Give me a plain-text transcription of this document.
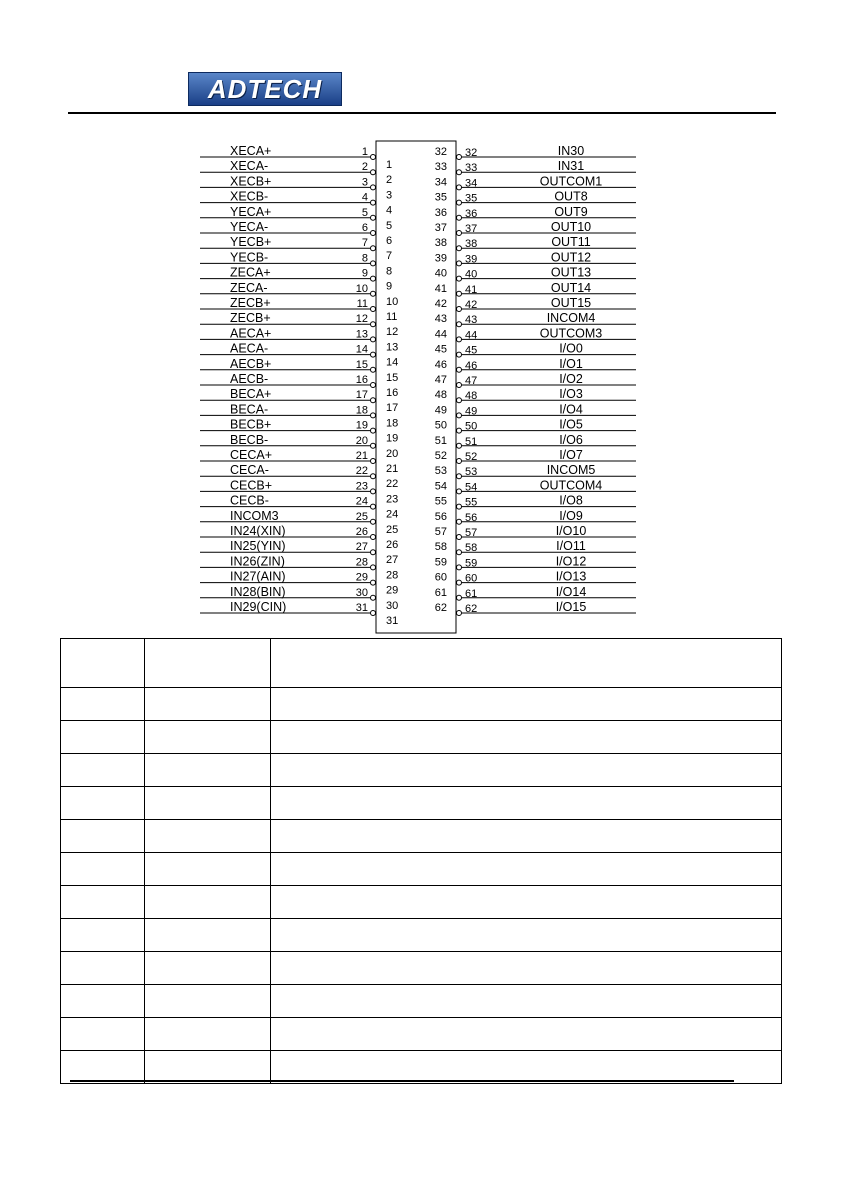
ADTECH
XECA+	1
1
XECA-	2
2
XECB+	3
3
XECB-	4
4
YECA+	5
5
YECA-	6
6
YECB+	7
7
YECB-	8
8
ZECA+	9
9
ZECA-	10
10
ZECB+	11
11
ZECB+	12
12
AECA+	13
13
AECA-	14
14
AECB+	15
15
AECB-	16
16
BECA+	17
17
BECA-	18
18
BECB+	19
19
BECB-	20
20
CECA+	21
21
CECA-	22
22
CECB+	23
23
CECB-	24
24
INCOM3	25
25
IN24(XIN)	26
26
IN25(YIN)	27
27
IN26(ZIN)	28
28
IN27(AIN)	29
29
IN28(BIN)	30
30
IN29(CIN)	31
31
32 32	IN30
33 33	IN31
34 34	OUTCOM1
35 35	OUT8
36 36	OUT9
37 37	OUT10
38 38	OUT11
39 39	OUT12
40 40	OUT13
41 41	OUT14
42 42	OUT15
43 43	INCOM4
44 44	OUTCOM3
45 45	I/O0
46 46	I/O1
47 47	I/O2
48 48	I/O3
49 49	I/O4
50 50	I/O5
51 51	I/O6
52 52	I/O7
53 53	INCOM5
54 54	OUTCOM4
55 55	I/O8
56 56	I/O9
57 57	I/O10
58 58	I/O11
59 59	I/O12
60 60	I/O13
61 61	I/O14
62 62	I/O15
